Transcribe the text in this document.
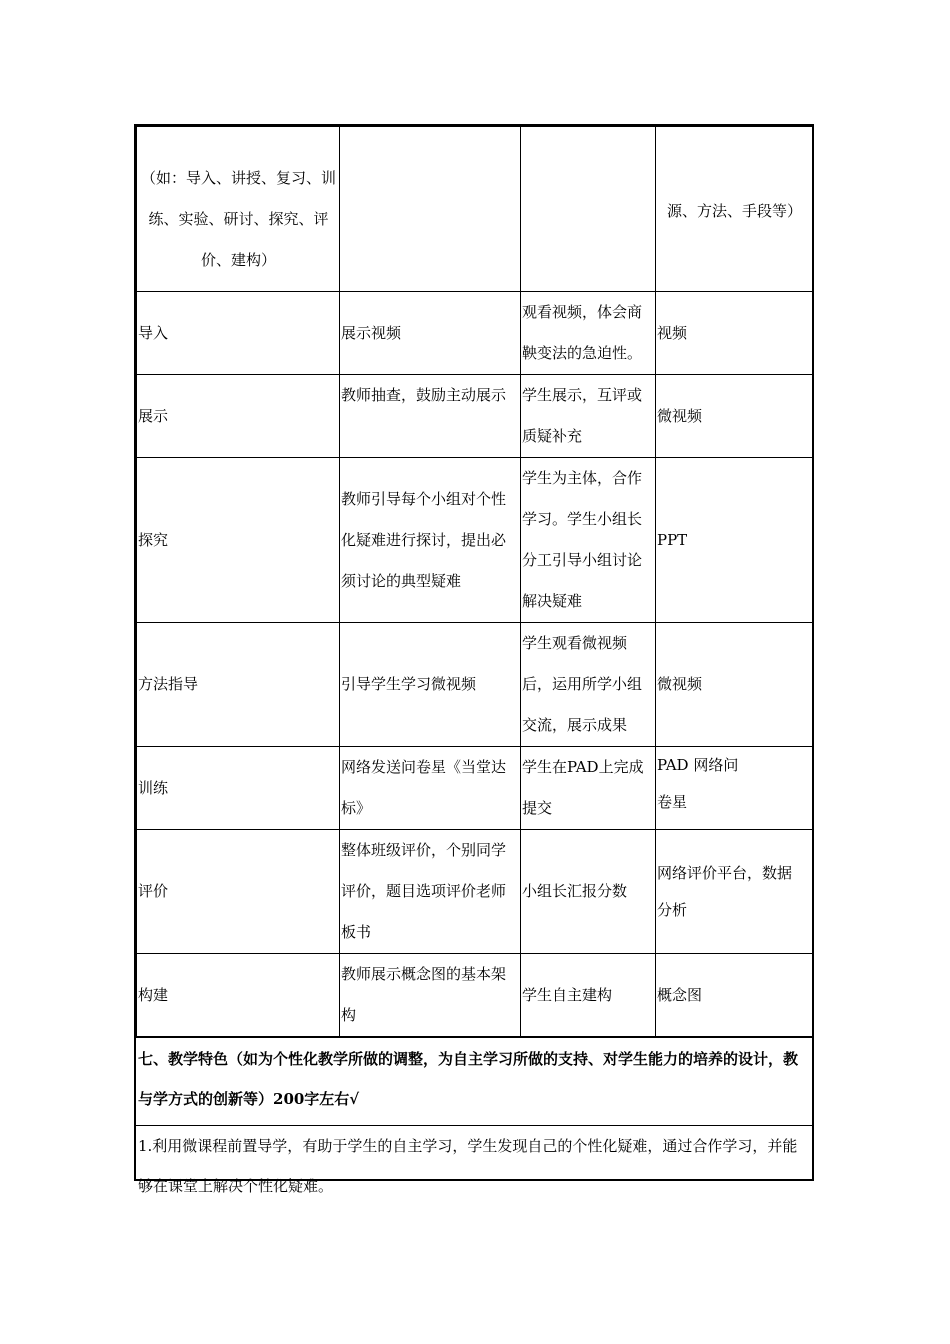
（如：导入、讲授、复习、训练、实验、研讨、探究、评价、建构）			源、方法、手段等）

导入	展示视频	观看视频，体会商鞅变法的急迫性。	视频
展示	教师抽查，鼓励主动展示	学生展示，互评或质疑补充	微视频
探究	教师引导每个小组对个性化疑难进行探讨，提出必须讨论的典型疑难	学生为主体，合作学习。学生小组长分工引导小组讨论解决疑难	PPT
方法指导	引导学生学习微视频	学生观看微视频后，运用所学小组交流，展示成果	微视频
训练	网络发送问卷星《当堂达标》	学生在PAD上完成提交	PAD 网络问卷星

评价	整体班级评价，个别同学评价，题目选项评价老师板书	小组长汇报分数	网络评价平台，数据分析

构建	教师展示概念图的基本架构	学生自主建构	概念图
七、教学特色（如为个性化教学所做的调整，为自主学习所做的支持、对学生能力的培养的设计，教与学方式的创新等）200字左右√
1.利用微课程前置导学，有助于学生的自主学习，学生发现自己的个性化疑难，通过合作学习，并能够在课堂上解决个性化疑难。
